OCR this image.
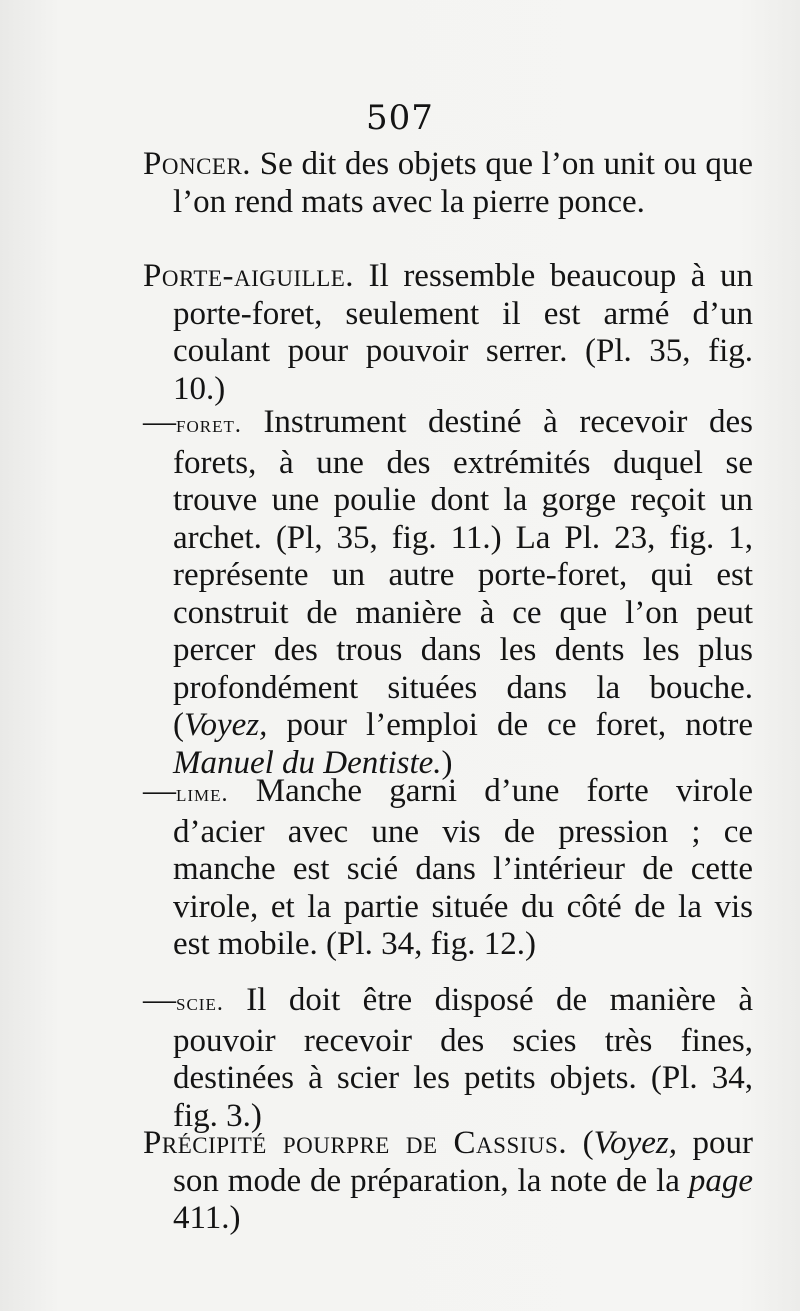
507

Poncer. Se dit des objets que l’on unit ou que l’on rend mats avec la pierre ponce.

Porte-aiguille. Il ressemble beaucoup à un porte-foret, seulement il est armé d’un coulant pour pouvoir serrer. (Pl. 35, fig. 10.)

—foret. Instrument destiné à recevoir des forets, à une des extrémités duquel se trouve une poulie dont la gorge reçoit un archet. (Pl, 35, fig. 11.) La Pl. 23, fig. 1, représente un autre porte-foret, qui est construit de manière à ce que l’on peut percer des trous dans les dents les plus profondément situées dans la bouche. (Voyez, pour l’emploi de ce foret, notre Manuel du Dentiste.)

—lime. Manche garni d’une forte virole d’acier avec une vis de pression ; ce manche est scié dans l’intérieur de cette virole, et la partie située du côté de la vis est mobile. (Pl. 34, fig. 12.)

—scie. Il doit être disposé de manière à pouvoir recevoir des scies très fines, destinées à scier les petits objets. (Pl. 34, fig. 3.)

Précipité pourpre de Cassius. (Voyez, pour son mode de préparation, la note de la page 411.)
